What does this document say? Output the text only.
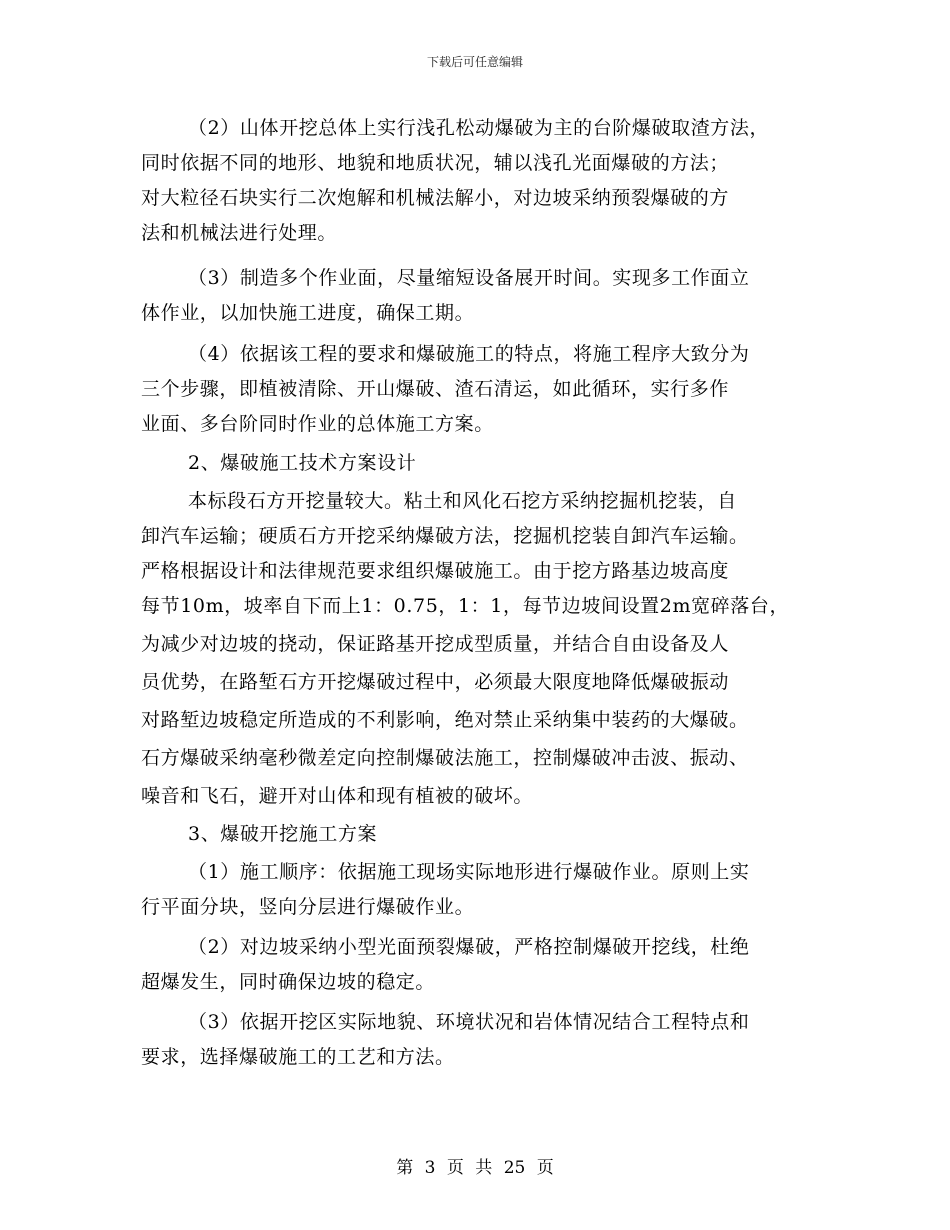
下载后可任意编辑
（2）山体开挖总体上实行浅孔松动爆破为主的台阶爆破取渣方法，
同时依据不同的地形、地貌和地质状况，辅以浅孔光面爆破的方法；
对大粒径石块实行二次炮解和机械法解小，对边坡采纳预裂爆破的方
法和机械法进行处理。
（3）制造多个作业面，尽量缩短设备展开时间。实现多工作面立
体作业，以加快施工进度，确保工期。
（4）依据该工程的要求和爆破施工的特点，将施工程序大致分为
三个步骤，即植被清除、开山爆破、渣石清运，如此循环，实行多作
业面、多台阶同时作业的总体施工方案。
2、爆破施工技术方案设计
本标段石方开挖量较大。粘土和风化石挖方采纳挖掘机挖装，自
卸汽车运输；硬质石方开挖采纳爆破方法，挖掘机挖装自卸汽车运输。
严格根据设计和法律规范要求组织爆破施工。由于挖方路基边坡高度
每节10m，坡率自下而上1：0.75，1：1，每节边坡间设置2m宽碎落台，
为减少对边坡的挠动，保证路基开挖成型质量，并结合自由设备及人
员优势，在路堑石方开挖爆破过程中，必须最大限度地降低爆破振动
对路堑边坡稳定所造成的不利影响，绝对禁止采纳集中装药的大爆破。
石方爆破采纳毫秒微差定向控制爆破法施工，控制爆破冲击波、振动、
噪音和飞石，避开对山体和现有植被的破坏。
3、爆破开挖施工方案
（1）施工顺序：依据施工现场实际地形进行爆破作业。原则上实
行平面分块，竖向分层进行爆破作业。
（2）对边坡采纳小型光面预裂爆破，严格控制爆破开挖线，杜绝
超爆发生，同时确保边坡的稳定。
（3）依据开挖区实际地貌、环境状况和岩体情况结合工程特点和
要求，选择爆破施工的工艺和方法。
第 3 页 共 25 页
